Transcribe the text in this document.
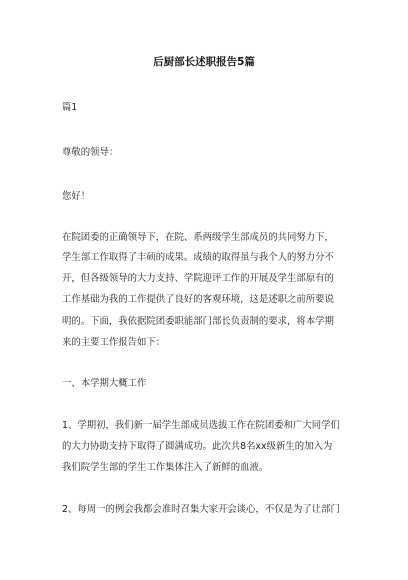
后厨部长述职报告5篇
篇1
尊敬的领导：
您好！
在院团委的正确领导下，在院、系两级学生部成员的共同努力下，
学生部工作取得了丰硕的成果。成绩的取得虽与我个人的努力分不
开，但各级领导的大力支持、学院迎评工作的开展及学生部原有的
工作基础为我的工作提供了良好的客观环境，这是述职之前所要说
明的。下面，我依据院团委职能部门部长负责制的要求，将本学期
来的主要工作报告如下：
一、本学期大概工作
1、学期初，我们新一届学生部成员选拔工作在院团委和广大同学们
的大力协助支持下取得了圆满成功。此次共8名xx级新生的加入为
我们院学生部的学生工作集体注入了新鲜的血液。
2、每周一的例会我都会准时召集大家开会谈心，不仅是为了让部门
